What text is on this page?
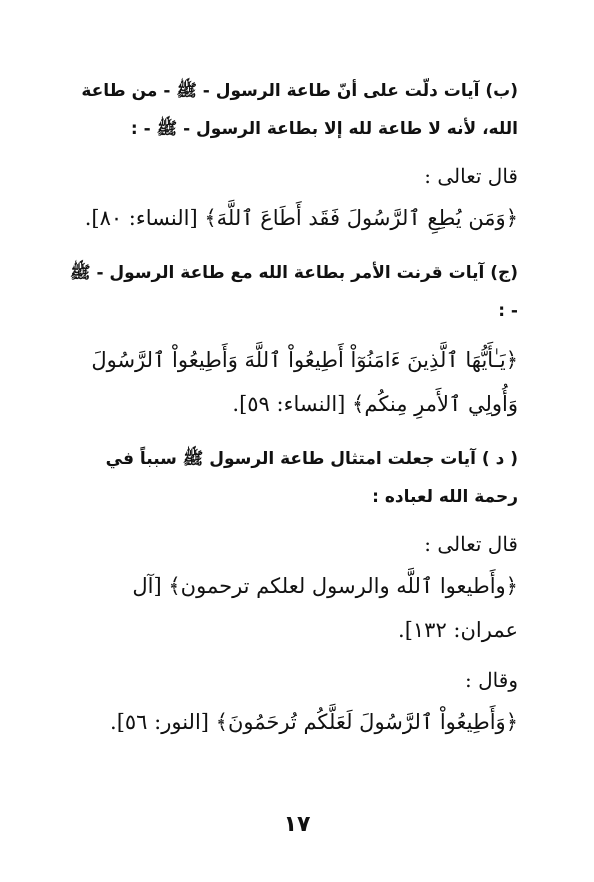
(ب) آيات دلّت على أنّ طاعة الرسول - ﷺ - من طاعة الله، لأنه لا طاعة لله إلا بطاعة الرسول - ﷺ - :

قال تعالى :

﴿وَمَن يُطِعِ ٱلرَّسُولَ فَقَد أَطَاعَ ٱللَّهَ﴾ [النساء: ٨٠].

(ج) آيات قرنت الأمر بطاعة الله مع طاعة الرسول - ﷺ - :

﴿يَـٰأَيُّهَا ٱلَّذِينَ ءَامَنُوٓاْ أَطِيعُواْ ٱللَّهَ وَأَطِيعُواْ ٱلرَّسُولَ وَأُولِي ٱلأَمرِ مِنكُم﴾ [النساء: ٥٩].

( د ) آيات جعلت امتثال طاعة الرسول ﷺ سبباً في رحمة الله لعباده :

قال تعالى :

﴿وأَطيعوا ٱللَّه والرسول لعلكم ترحمون﴾ [آل عمران: ١٣٢].

وقال :

﴿وَأَطِيعُواْ ٱلرَّسُولَ لَعَلَّكُم تُرحَمُونَ﴾ [النور: ٥٦].

١٧
